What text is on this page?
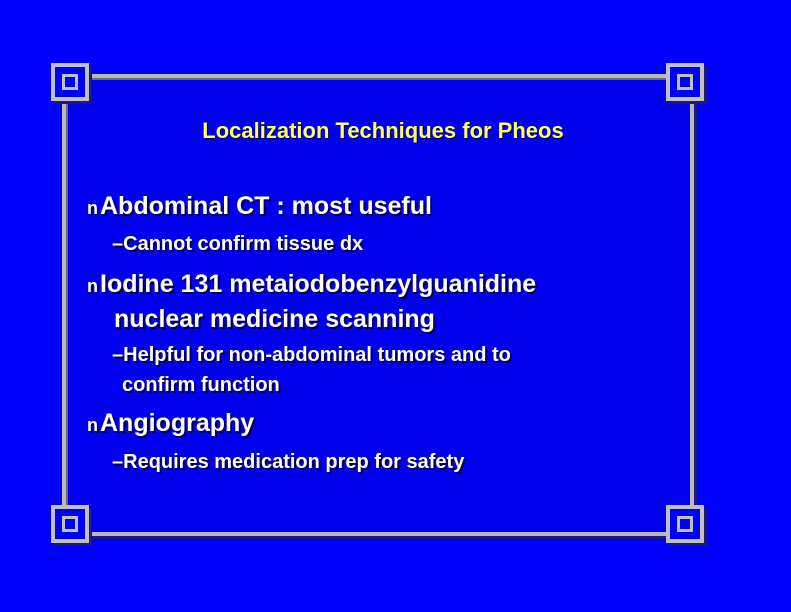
Localization Techniques for Pheos
nAbdominal CT : most useful
–Cannot confirm tissue dx
nIodine 131 metaiodobenzylguanidine
nuclear medicine scanning
–Helpful for non-abdominal tumors and to
confirm function
nAngiography
–Requires medication prep for safety
